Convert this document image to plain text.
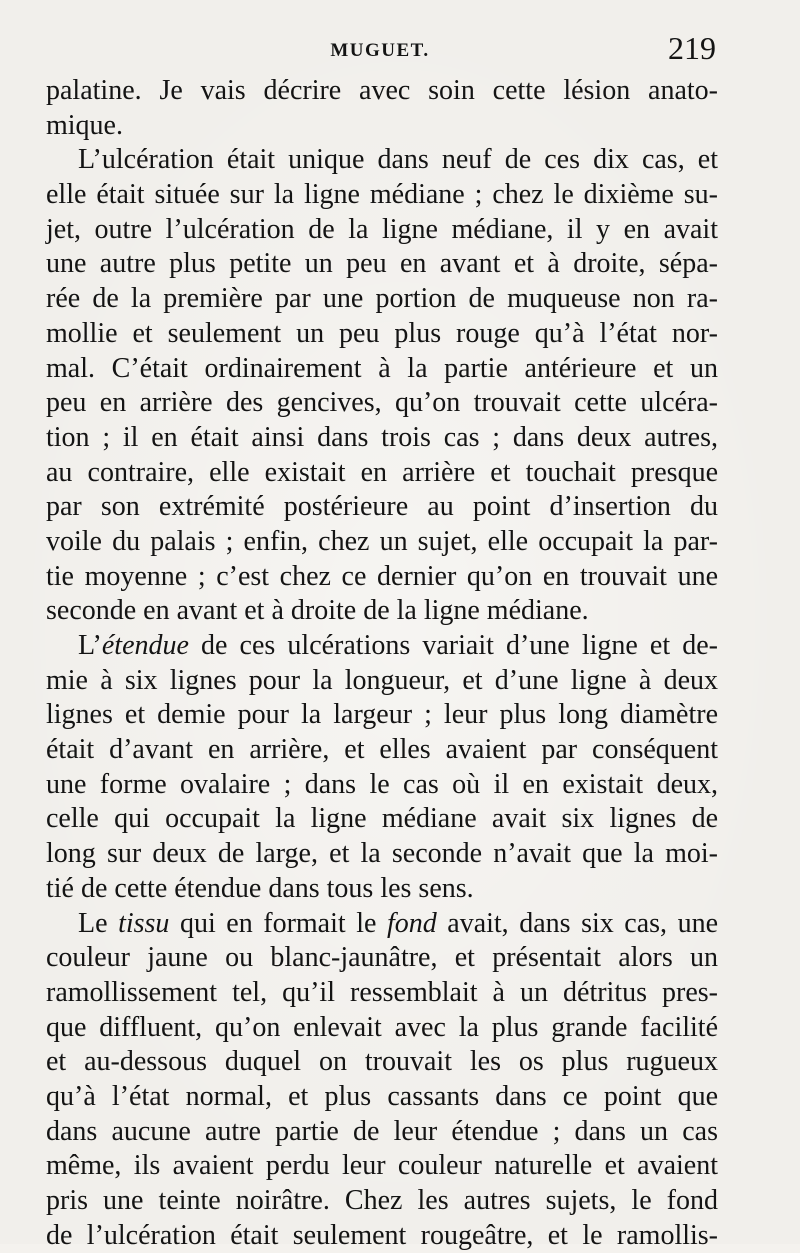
MUGUET.	219
palatine. Je vais décrire avec soin cette lésion anato-
mique.
L’ulcération était unique dans neuf de ces dix cas, et
elle était située sur la ligne médiane ; chez le dixième su-
jet, outre l’ulcération de la ligne médiane, il y en avait
une autre plus petite un peu en avant et à droite, sépa-
rée de la première par une portion de muqueuse non ra-
mollie et seulement un peu plus rouge qu’à l’état nor-
mal. C’était ordinairement à la partie antérieure et un
peu en arrière des gencives, qu’on trouvait cette ulcéra-
tion ; il en était ainsi dans trois cas ; dans deux autres,
au contraire, elle existait en arrière et touchait presque
par son extrémité postérieure au point d’insertion du
voile du palais ; enfin, chez un sujet, elle occupait la par-
tie moyenne ; c’est chez ce dernier qu’on en trouvait une
seconde en avant et à droite de la ligne médiane.
L’étendue de ces ulcérations variait d’une ligne et de-
mie à six lignes pour la longueur, et d’une ligne à deux
lignes et demie pour la largeur ; leur plus long diamètre
était d’avant en arrière, et elles avaient par conséquent
une forme ovalaire ; dans le cas où il en existait deux,
celle qui occupait la ligne médiane avait six lignes de
long sur deux de large, et la seconde n’avait que la moi-
tié de cette étendue dans tous les sens.
Le tissu qui en formait le fond avait, dans six cas, une
couleur jaune ou blanc-jaunâtre, et présentait alors un
ramollissement tel, qu’il ressemblait à un détritus pres-
que diffluent, qu’on enlevait avec la plus grande facilité
et au-dessous duquel on trouvait les os plus rugueux
qu’à l’état normal, et plus cassants dans ce point que
dans aucune autre partie de leur étendue ; dans un cas
même, ils avaient perdu leur couleur naturelle et avaient
pris une teinte noirâtre. Chez les autres sujets, le fond
de l’ulcération était seulement rougeâtre, et le ramollis-
